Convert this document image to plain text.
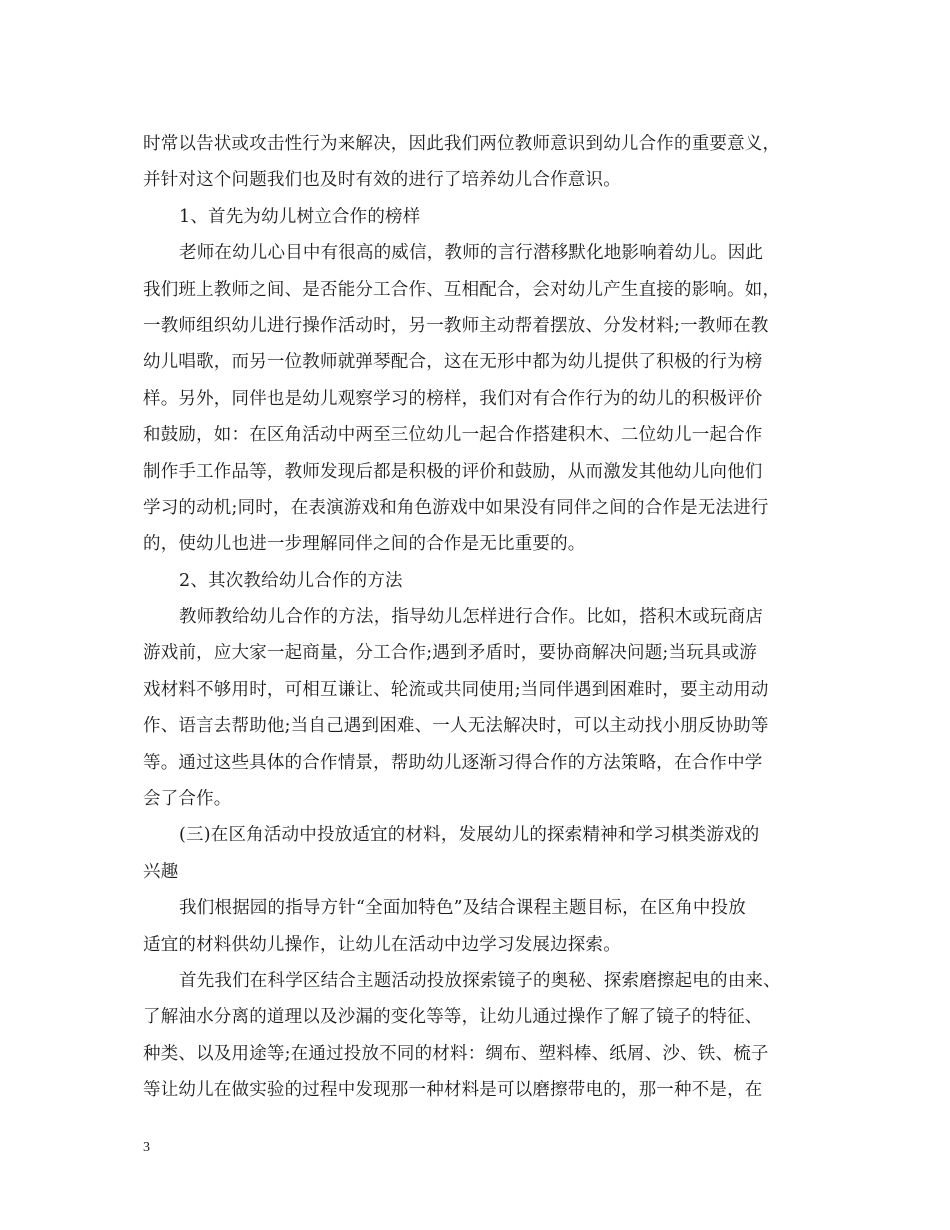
时常以告状或攻击性行为来解决，因此我们两位教师意识到幼儿合作的重要意义，
并针对这个问题我们也及时有效的进行了培养幼儿合作意识。
1、首先为幼儿树立合作的榜样
老师在幼儿心目中有很高的威信，教师的言行潜移默化地影响着幼儿。因此
我们班上教师之间、是否能分工合作、互相配合，会对幼儿产生直接的影响。如，
一教师组织幼儿进行操作活动时，另一教师主动帮着摆放、分发材料;一教师在教
幼儿唱歌，而另一位教师就弹琴配合，这在无形中都为幼儿提供了积极的行为榜
样。另外，同伴也是幼儿观察学习的榜样，我们对有合作行为的幼儿的积极评价
和鼓励，如：在区角活动中两至三位幼儿一起合作搭建积木、二位幼儿一起合作
制作手工作品等，教师发现后都是积极的评价和鼓励，从而激发其他幼儿向他们
学习的动机;同时，在表演游戏和角色游戏中如果没有同伴之间的合作是无法进行
的，使幼儿也进一步理解同伴之间的合作是无比重要的。
2、其次教给幼儿合作的方法
教师教给幼儿合作的方法，指导幼儿怎样进行合作。比如，搭积木或玩商店
游戏前，应大家一起商量，分工合作;遇到矛盾时，要协商解决问题;当玩具或游
戏材料不够用时，可相互谦让、轮流或共同使用;当同伴遇到困难时，要主动用动
作、语言去帮助他;当自己遇到困难、一人无法解决时，可以主动找小朋反协助等
等。通过这些具体的合作情景，帮助幼儿逐渐习得合作的方法策略，在合作中学
会了合作。
(三)在区角活动中投放适宜的材料，发展幼儿的探索精神和学习棋类游戏的
兴趣
我们根据园的指导方针“全面加特色”及结合课程主题目标，在区角中投放
适宜的材料供幼儿操作，让幼儿在活动中边学习发展边探索。
首先我们在科学区结合主题活动投放探索镜子的奥秘、探索磨擦起电的由来、
了解油水分离的道理以及沙漏的变化等等，让幼儿通过操作了解了镜子的特征、
种类、以及用途等;在通过投放不同的材料：绸布、塑料棒、纸屑、沙、铁、梳子
等让幼儿在做实验的过程中发现那一种材料是可以磨擦带电的，那一种不是，在
3
